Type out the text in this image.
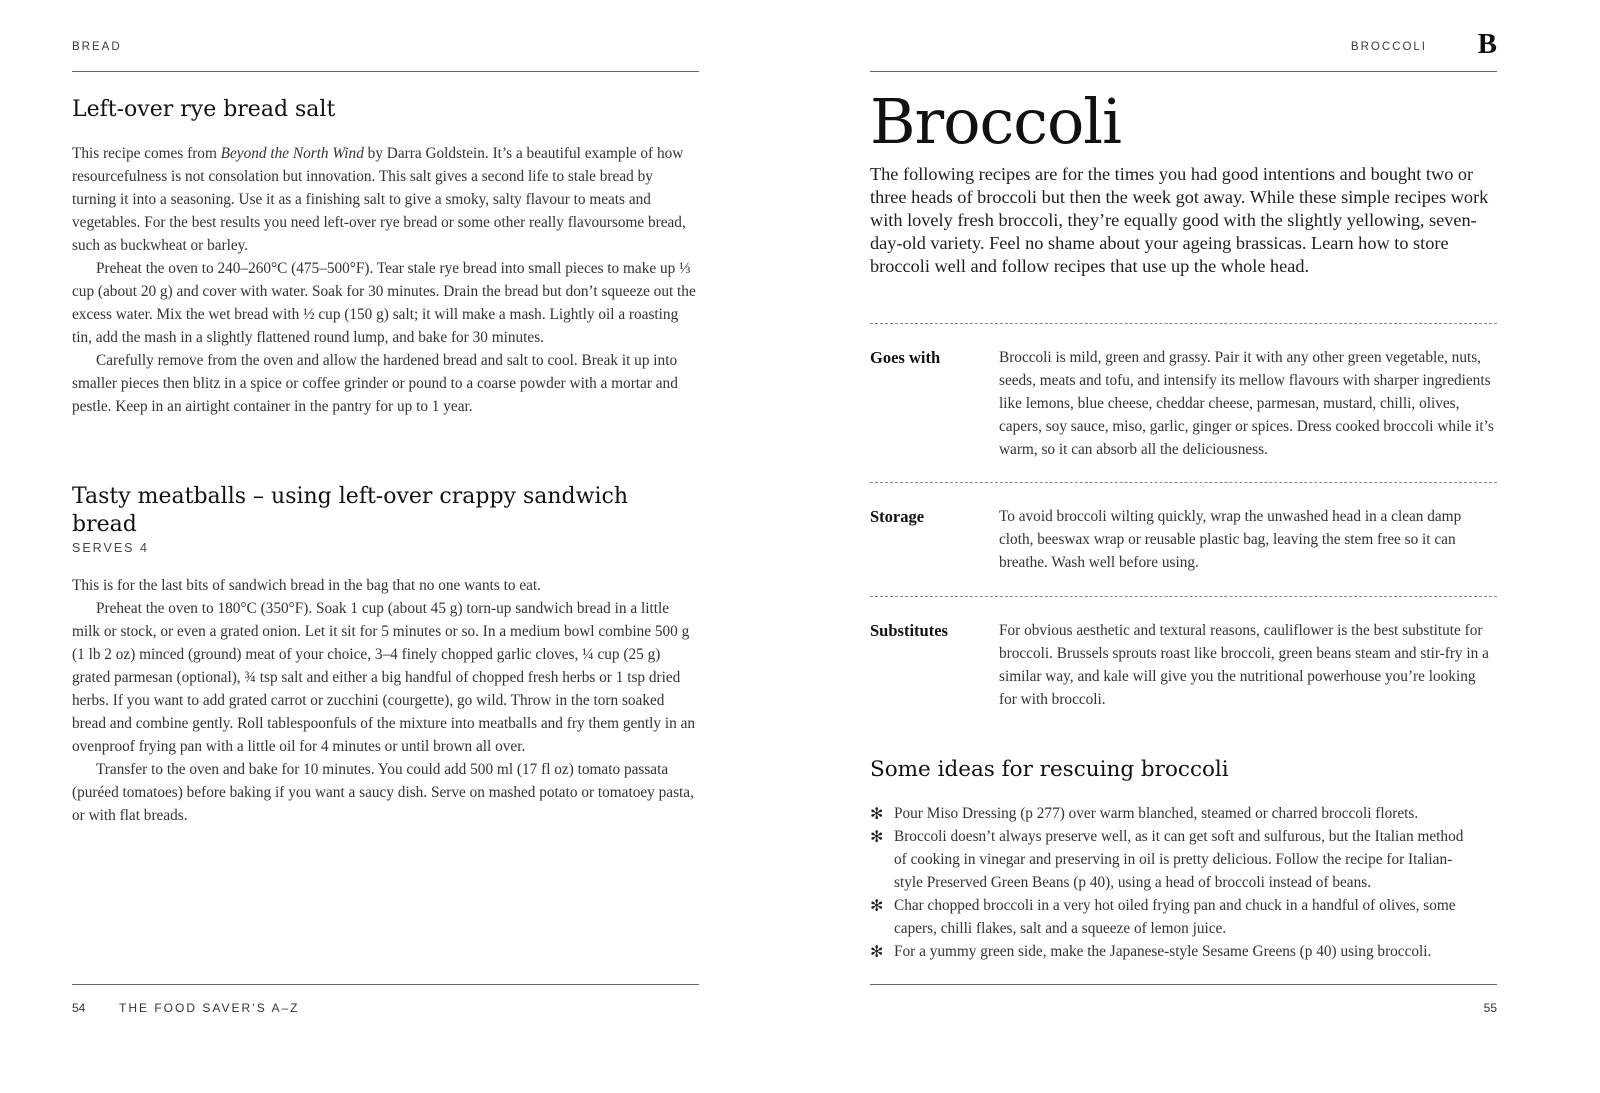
BREAD
Left-over rye bread salt

This recipe comes from Beyond the North Wind by Darra Goldstein. It’s a beautiful example of how resourcefulness is not consolation but innovation. This salt gives a second life to stale bread by turning it into a seasoning. Use it as a finishing salt to give a smoky, salty flavour to meats and vegetables. For the best results you need left-over rye bread or some other really flavoursome bread, such as buckwheat or barley.

Preheat the oven to 240–260°C (475–500°F). Tear stale rye bread into small pieces to make up ⅓ cup (about 20 g) and cover with water. Soak for 30 minutes. Drain the bread but don’t squeeze out the excess water. Mix the wet bread with ½ cup (150 g) salt; it will make a mash. Lightly oil a roasting tin, add the mash in a slightly flattened round lump, and bake for 30 minutes.

Carefully remove from the oven and allow the hardened bread and salt to cool. Break it up into smaller pieces then blitz in a spice or coffee grinder or pound to a coarse powder with a mortar and pestle. Keep in an airtight container in the pantry for up to 1 year.

Tasty meatballs – using left-over crappy sandwich bread
SERVES 4

This is for the last bits of sandwich bread in the bag that no one wants to eat.

Preheat the oven to 180°C (350°F). Soak 1 cup (about 45 g) torn-up sandwich bread in a little milk or stock, or even a grated onion. Let it sit for 5 minutes or so. In a medium bowl combine 500 g (1 lb 2 oz) minced (ground) meat of your choice, 3–4 finely chopped garlic cloves, ¼ cup (25 g) grated parmesan (optional), ¾ tsp salt and either a big handful of chopped fresh herbs or 1 tsp dried herbs. If you want to add grated carrot or zucchini (courgette), go wild. Throw in the torn soaked bread and combine gently. Roll tablespoonfuls of the mixture into meatballs and fry them gently in an ovenproof frying pan with a little oil for 4 minutes or until brown all over.

Transfer to the oven and bake for 10 minutes. You could add 500 ml (17 fl oz) tomato passata (puréed tomatoes) before baking if you want a saucy dish. Serve on mashed potato or tomatoey pasta, or with flat breads.

54	THE FOOD SAVER’S A–Z
BROCCOLI B
Broccoli
The following recipes are for the times you had good intentions and bought two or three heads of broccoli but then the week got away. While these simple recipes work with lovely fresh broccoli, they’re equally good with the slightly yellowing, seven-day-old variety. Feel no shame about your ageing brassicas. Learn how to store broccoli well and follow recipes that use up the whole head.
Goes with	Broccoli is mild, green and grassy. Pair it with any other green vegetable, nuts, seeds, meats and tofu, and intensify its mellow flavours with sharper ingredients like lemons, blue cheese, cheddar cheese, parmesan, mustard, chilli, olives, capers, soy sauce, miso, garlic, ginger or spices. Dress cooked broccoli while it’s warm, so it can absorb all the deliciousness.
Storage	To avoid broccoli wilting quickly, wrap the unwashed head in a clean damp cloth, beeswax wrap or reusable plastic bag, leaving the stem free so it can breathe. Wash well before using.
Substitutes	For obvious aesthetic and textural reasons, cauliflower is the best substitute for broccoli. Brussels sprouts roast like broccoli, green beans steam and stir-fry in a similar way, and kale will give you the nutritional powerhouse you’re looking for with broccoli.
Some ideas for rescuing broccoli
✻ Pour Miso Dressing (p 277) over warm blanched, steamed or charred broccoli florets.
✻ Broccoli doesn’t always preserve well, as it can get soft and sulfurous, but the Italian method of cooking in vinegar and preserving in oil is pretty delicious. Follow the recipe for Italian-style Preserved Green Beans (p 40), using a head of broccoli instead of beans.
✻ Char chopped broccoli in a very hot oiled frying pan and chuck in a handful of olives, some capers, chilli flakes, salt and a squeeze of lemon juice.
✻ For a yummy green side, make the Japanese-style Sesame Greens (p 40) using broccoli.
55
